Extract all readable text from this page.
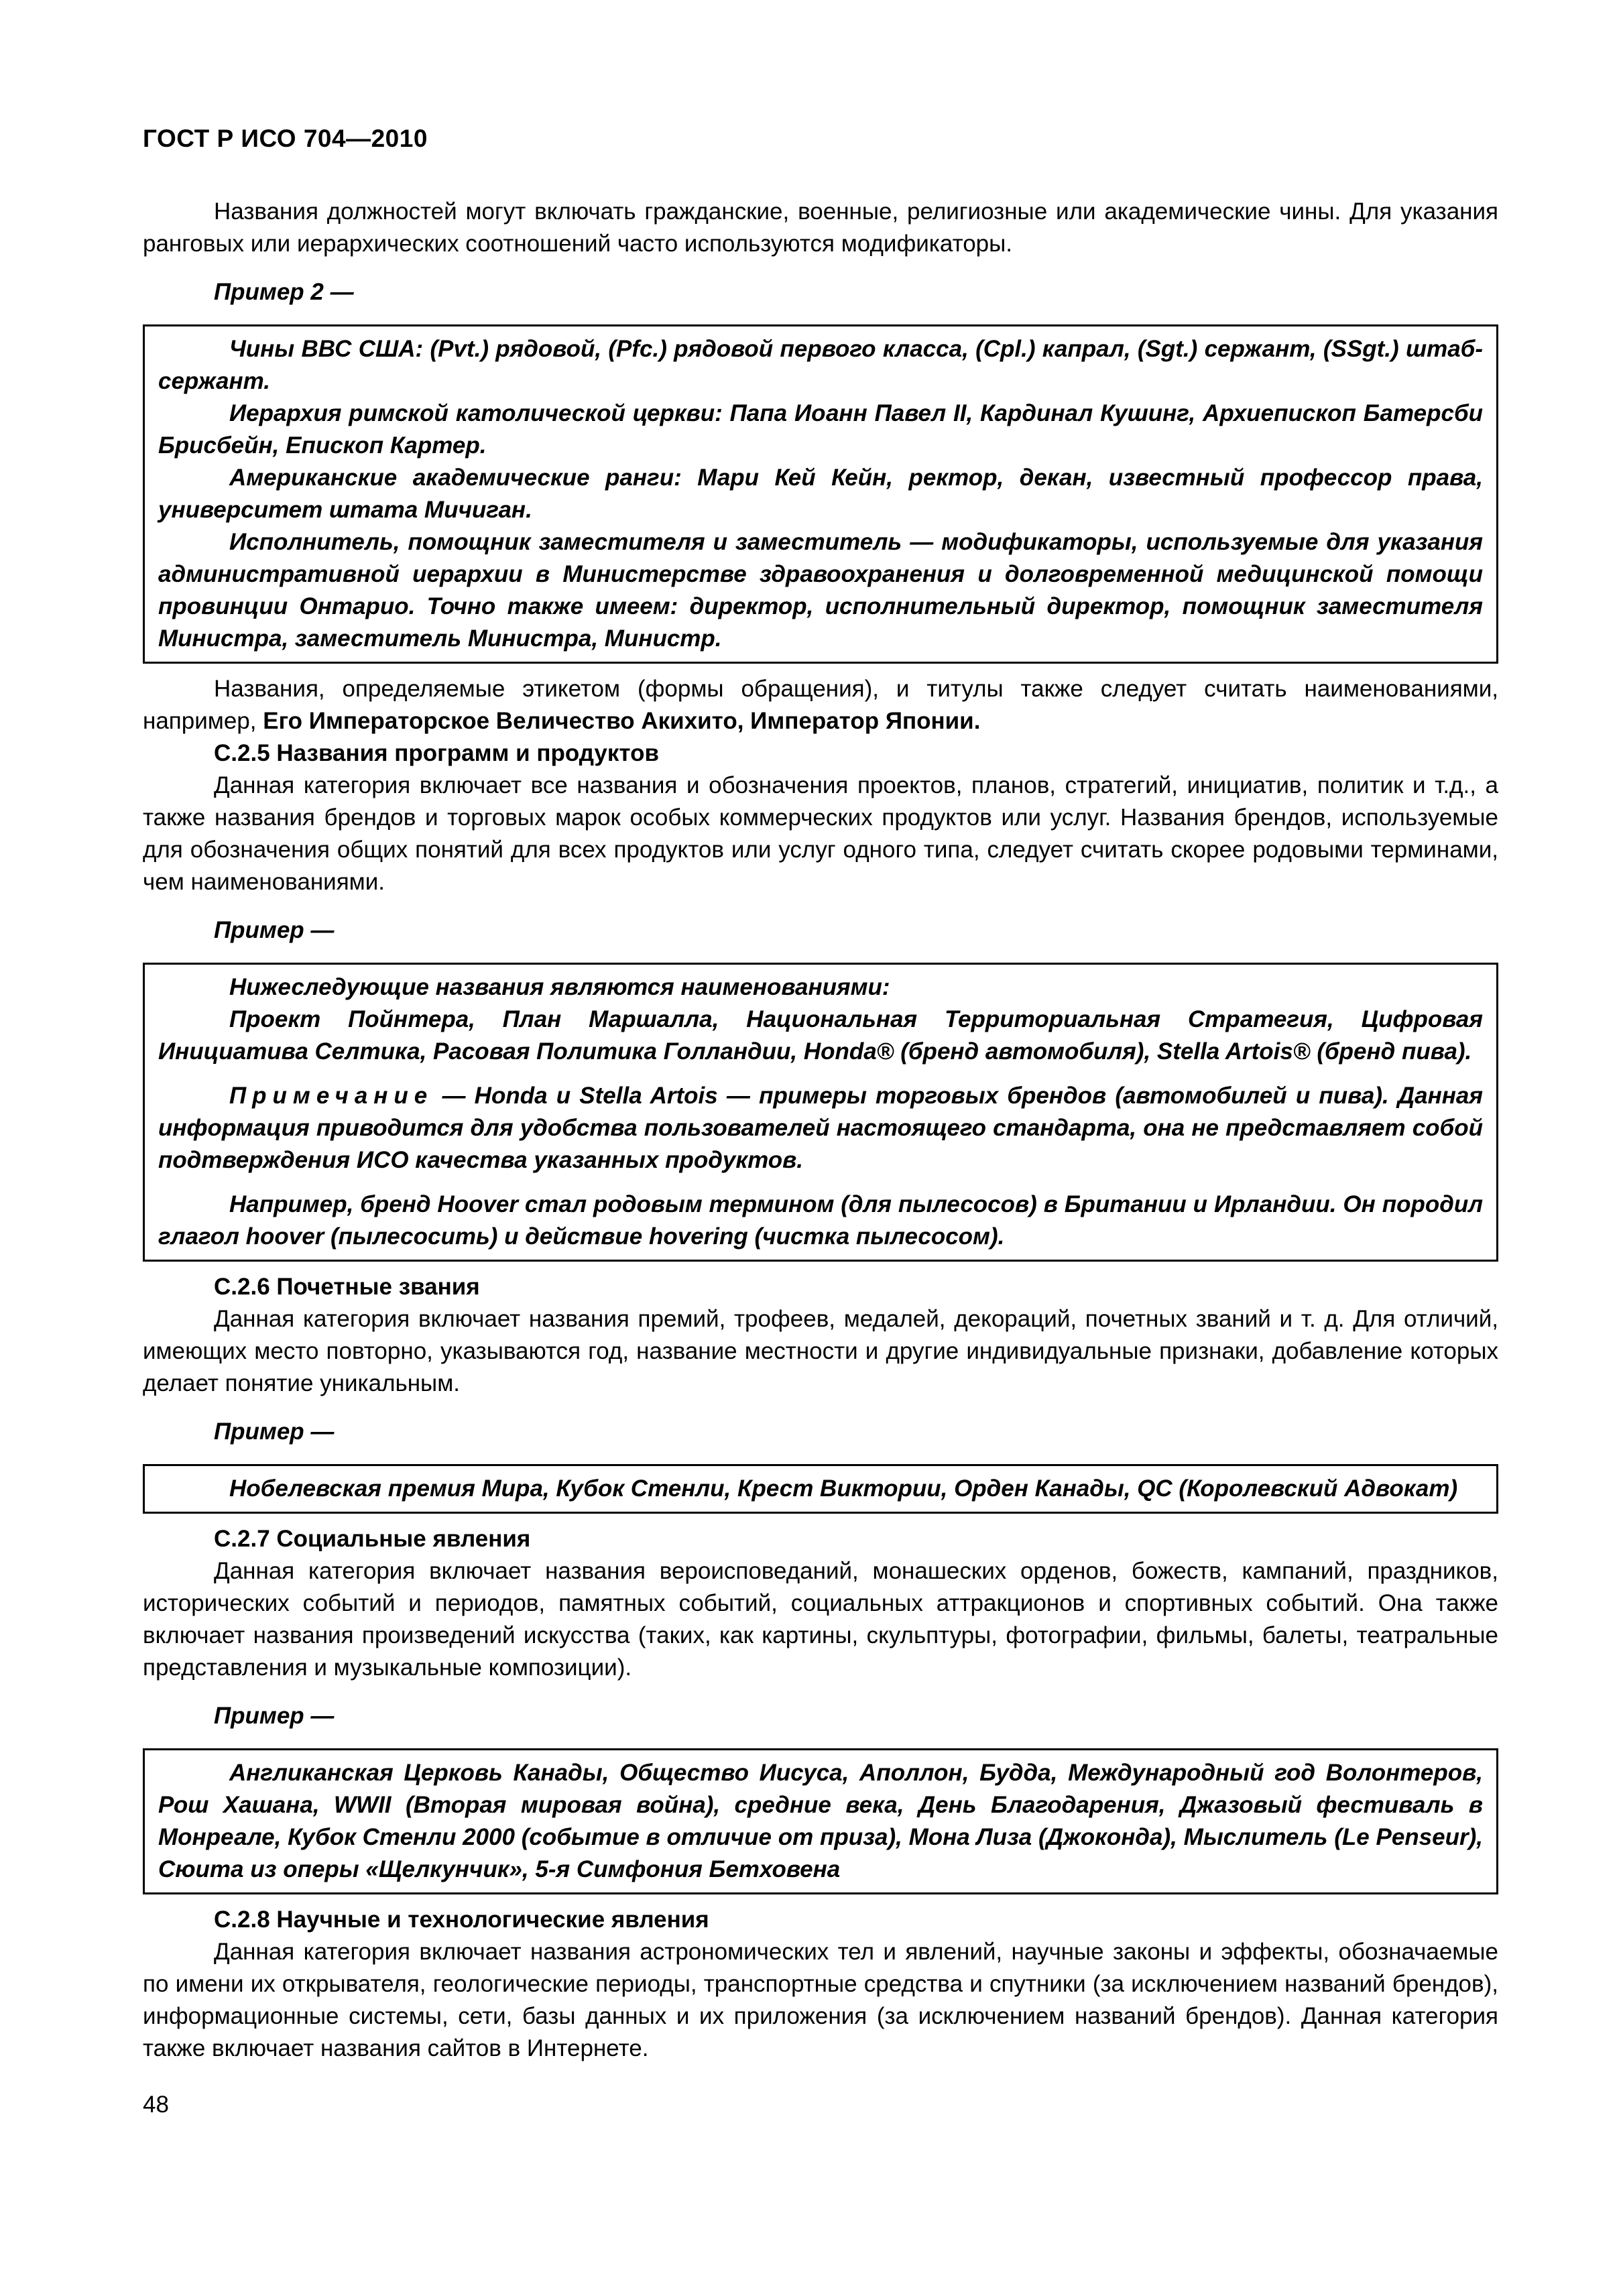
ГОСТ Р ИСО 704—2010

Названия должностей могут включать гражданские, военные, религиозные или академические чины. Для указания ранговых или иерархических соотношений часто используются модификаторы.

Пример 2 —

Чины ВВС США: (Pvt.) рядовой, (Pfc.) рядовой первого класса, (Cpl.) капрал, (Sgt.) сержант, (SSgt.) штаб-сержант.

Иерархия римской католической церкви: Папа Иоанн Павел II, Кардинал Кушинг, Архиепископ Батерсби Брисбейн, Епископ Картер.

Американские академические ранги: Мари Кей Кейн, ректор, декан, известный профессор права, университет штата Мичиган.

Исполнитель, помощник заместителя и заместитель — модификаторы, используемые для указания административной иерархии в Министерстве здравоохранения и долговременной медицинской помощи провинции Онтарио. Точно также имеем: директор, исполнительный директор, помощник заместителя Министра, заместитель Министра, Министр.

Названия, определяемые этикетом (формы обращения), и титулы также следует считать наименованиями, например, Его Императорское Величество Акихито, Император Японии.

С.2.5 Названия программ и продуктов

Данная категория включает все названия и обозначения проектов, планов, стратегий, инициатив, политик и т.д., а также названия брендов и торговых марок особых коммерческих продуктов или услуг. Названия брендов, используемые для обозначения общих понятий для всех продуктов или услуг одного типа, следует считать скорее родовыми терминами, чем наименованиями.

Пример —

Нижеследующие названия являются наименованиями:

Проект Пойнтера, План Маршалла, Национальная Территориальная Стратегия, Цифровая Инициатива Селтика, Расовая Политика Голландии, Honda® (бренд автомобиля), Stella Artois® (бренд пива).

Примечание — Honda и Stella Artois — примеры торговых брендов (автомобилей и пива). Данная информация приводится для удобства пользователей настоящего стандарта, она не представляет собой подтверждения ИСО качества указанных продуктов.

Например, бренд Hoover стал родовым термином (для пылесосов) в Британии и Ирландии. Он породил глагол hoover (пылесосить) и действие hovering (чистка пылесосом).

С.2.6 Почетные звания

Данная категория включает названия премий, трофеев, медалей, декораций, почетных званий и т. д. Для отличий, имеющих место повторно, указываются год, название местности и другие индивидуальные признаки, добавление которых делает понятие уникальным.

Пример —

Нобелевская премия Мира, Кубок Стенли, Крест Виктории, Орден Канады, QC (Королевский Адвокат)

С.2.7 Социальные явления

Данная категория включает названия вероисповеданий, монашеских орденов, божеств, кампаний, праздников, исторических событий и периодов, памятных событий, социальных аттракционов и спортивных событий. Она также включает названия произведений искусства (таких, как картины, скульптуры, фотографии, фильмы, балеты, театральные представления и музыкальные композиции).

Пример —

Англиканская Церковь Канады, Общество Иисуса, Аполлон, Будда, Международный год Волонтеров, Рош Хашана, WWII (Вторая мировая война), средние века, День Благодарения, Джазовый фестиваль в Монреале, Кубок Стенли 2000 (событие в отличие от приза), Мона Лиза (Джоконда), Мыслитель (Le Penseur), Сюита из оперы «Щелкунчик», 5-я Симфония Бетховена

С.2.8 Научные и технологические явления

Данная категория включает названия астрономических тел и явлений, научные законы и эффекты, обозначаемые по имени их открывателя, геологические периоды, транспортные средства и спутники (за исключением названий брендов), информационные системы, сети, базы данных и их приложения (за исключением названий брендов). Данная категория также включает названия сайтов в Интернете.

48
